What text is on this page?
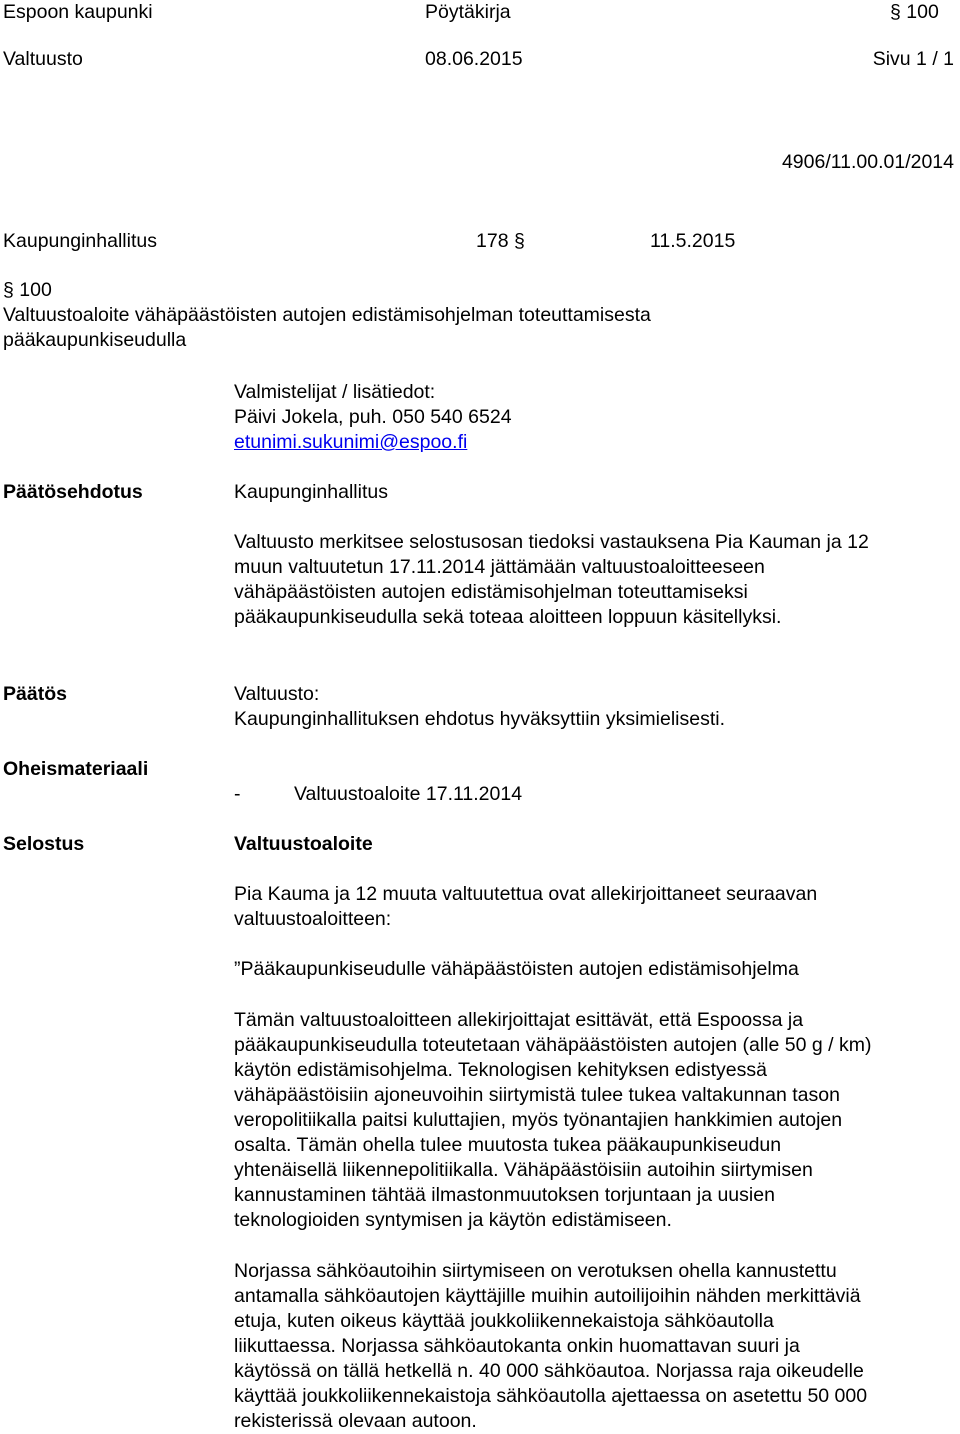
Espoon kaupunki	Pöytäkirja	§ 100
Valtuusto	08.06.2015	Sivu 1 / 1
4906/11.00.01/2014
Kaupunginhallitus	178 §	11.5.2015
§ 100
Valtuustoaloite vähäpäästöisten autojen edistämisohjelman toteuttamisesta
pääkaupunkiseudulla
Valmistelijat / lisätiedot:
Päivi Jokela, puh. 050 540 6524
etunimi.sukunimi@espoo.fi
Päätösehdotus	Kaupunginhallitus
Valtuusto merkitsee selostusosan tiedoksi vastauksena Pia Kauman ja 12
muun valtuutetun 17.11.2014 jättämään valtuustoaloitteeseen
vähäpäästöisten autojen edistämisohjelman toteuttamiseksi
pääkaupunkiseudulla sekä toteaa aloitteen loppuun käsitellyksi.
Päätös	Valtuusto:
Kaupunginhallituksen ehdotus hyväksyttiin yksimielisesti.
Oheismateriaali
-	Valtuustoaloite 17.11.2014
Selostus	Valtuustoaloite
Pia Kauma ja 12 muuta valtuutettua ovat allekirjoittaneet seuraavan
valtuustoaloitteen:
”Pääkaupunkiseudulle vähäpäästöisten autojen edistämisohjelma
Tämän valtuustoaloitteen allekirjoittajat esittävät, että Espoossa ja
pääkaupunkiseudulla toteutetaan vähäpäästöisten autojen (alle 50 g / km)
käytön edistämisohjelma. Teknologisen kehityksen edistyessä
vähäpäästöisiin ajoneuvoihin siirtymistä tulee tukea valtakunnan tason
veropolitiikalla paitsi kuluttajien, myös työnantajien hankkimien autojen
osalta. Tämän ohella tulee muutosta tukea pääkaupunkiseudun
yhtenäisellä liikennepolitiikalla. Vähäpäästöisiin autoihin siirtymisen
kannustaminen tähtää ilmastonmuutoksen torjuntaan ja uusien
teknologioiden syntymisen ja käytön edistämiseen.
Norjassa sähköautoihin siirtymiseen on verotuksen ohella kannustettu
antamalla sähköautojen käyttäjille muihin autoilijoihin nähden merkittäviä
etuja, kuten oikeus käyttää joukkoliikennekaistoja sähköautolla
liikuttaessa. Norjassa sähköautokanta onkin huomattavan suuri ja
käytössä on tällä hetkellä n. 40 000 sähköautoa. Norjassa raja oikeudelle
käyttää joukkoliikennekaistoja sähköautolla ajettaessa on asetettu 50 000
rekisterissä olevaan autoon.
